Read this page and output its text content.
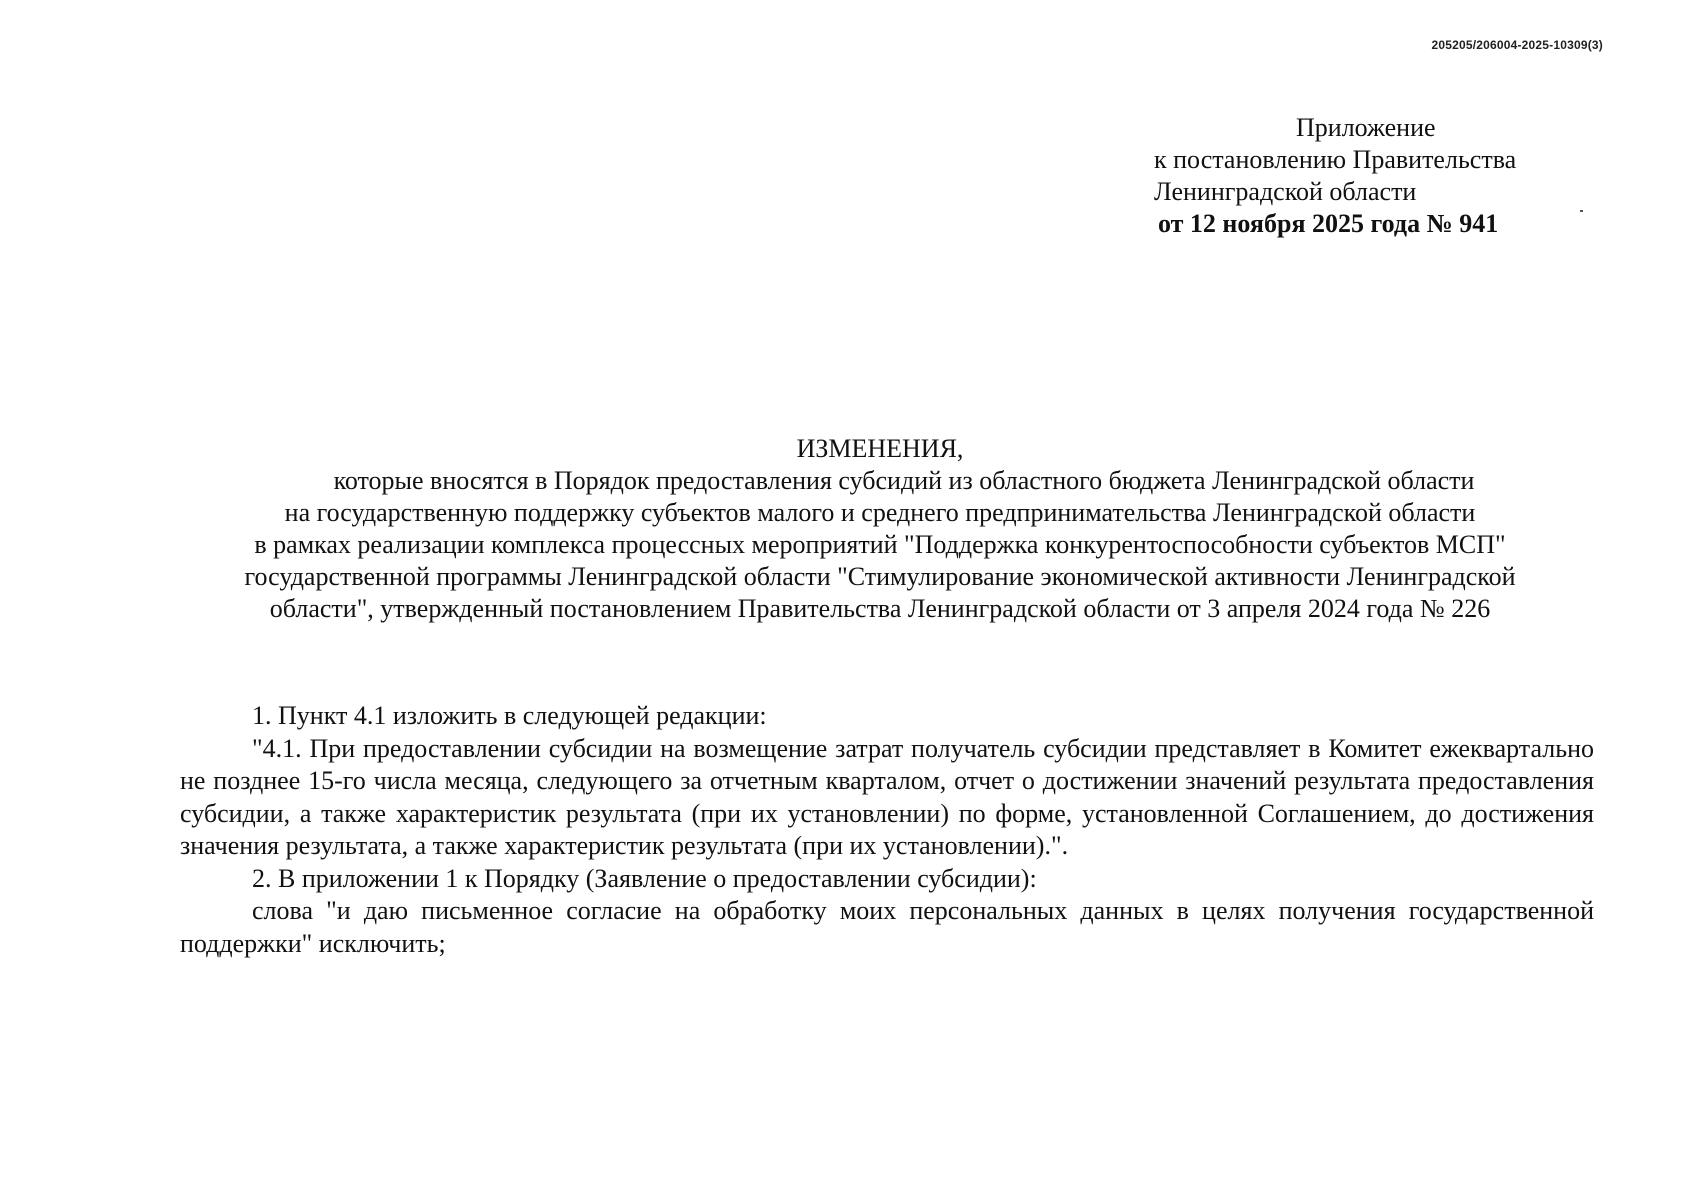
205205/206004-2025-10309(3)
Приложение
к постановлению Правительства
Ленинградской области
от 12 ноября 2025 года № 941
ИЗМЕНЕНИЯ,
которые вносятся в Порядок предоставления субсидий из областного бюджета Ленинградской области
на государственную поддержку субъектов малого и среднего предпринимательства Ленинградской области
в рамках реализации комплекса процессных мероприятий "Поддержка конкурентоспособности субъектов МСП"
государственной программы Ленинградской области "Стимулирование экономической активности Ленинградской
области", утвержденный постановлением Правительства Ленинградской области от 3 апреля 2024 года № 226

1. Пункт 4.1 изложить в следующей редакции:

"4.1. При предоставлении субсидии на возмещение затрат получатель субсидии представляет в Комитет ежеквартально не позднее 15-го числа месяца, следующего за отчетным кварталом, отчет о достижении значений результата предоставления субсидии, а также характеристик результата (при их установлении) по форме, установленной Соглашением, до достижения значения результата, а также характеристик результата (при их установлении).".

2. В приложении 1 к Порядку (Заявление о предоставлении субсидии):

слова "и даю письменное согласие на обработку моих персональных данных в целях получения государственной поддержки" исключить;
